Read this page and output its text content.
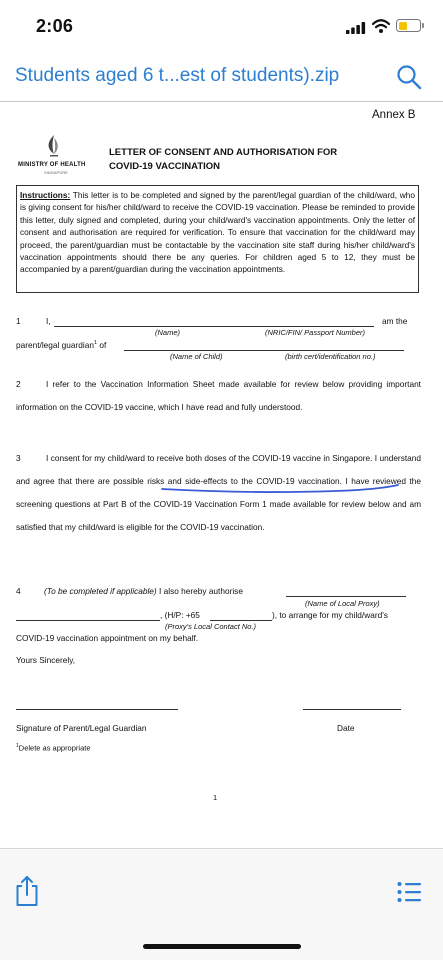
2:06
Students aged 6 t...est of students).zip
Annex B
MINISTRY OF HEALTH
SINGAPORE
LETTER OF CONSENT AND AUTHORISATION FOR
COVID-19 VACCINATION
Instructions: This letter is to be completed and signed by the parent/legal guardian of the child/ward, who is giving consent for his/her child/ward to receive the COVID-19 vaccination. Please be reminded to provide this letter, duly signed and completed, during your child/ward's vaccination appointments. Only the letter of consent and authorisation are required for verification. To ensure that vaccination for the child/ward may proceed, the parent/guardian must be contactable by the vaccination site staff during his/her child/ward's vaccination appointments should there be any queries. For children aged 5 to 12, they must be accompanied by a parent/guardian during the vaccination appointments.
1	I,	am the
(Name)	(NRIC/FIN/ Passport Number)
parent/legal guardian$^1$ of
(Name of Child)	(birth cert/identification no.)
2	I refer to the Vaccination Information Sheet made available for review below providing important information on the COVID-19 vaccine, which I have read and fully understood.
3	I consent for my child/ward to receive both doses of the COVID-19 vaccine in Singapore. I understand and agree that there are possible risks and side-effects to the COVID-19 vaccination. I have reviewed the screening questions at Part B of the COVID-19 Vaccination Form 1 made available for review below and am satisfied that my child/ward is eligible for the COVID-19 vaccination.
4	(To be completed if applicable) I also hereby authorise
(Name of Local Proxy)
, (H/P: +65	), to arrange for my child/ward's
(Proxy's Local Contact No.)
COVID-19 vaccination appointment on my behalf.
Yours Sincerely,
Signature of Parent/Legal Guardian	Date
$^1$Delete as appropriate
1
